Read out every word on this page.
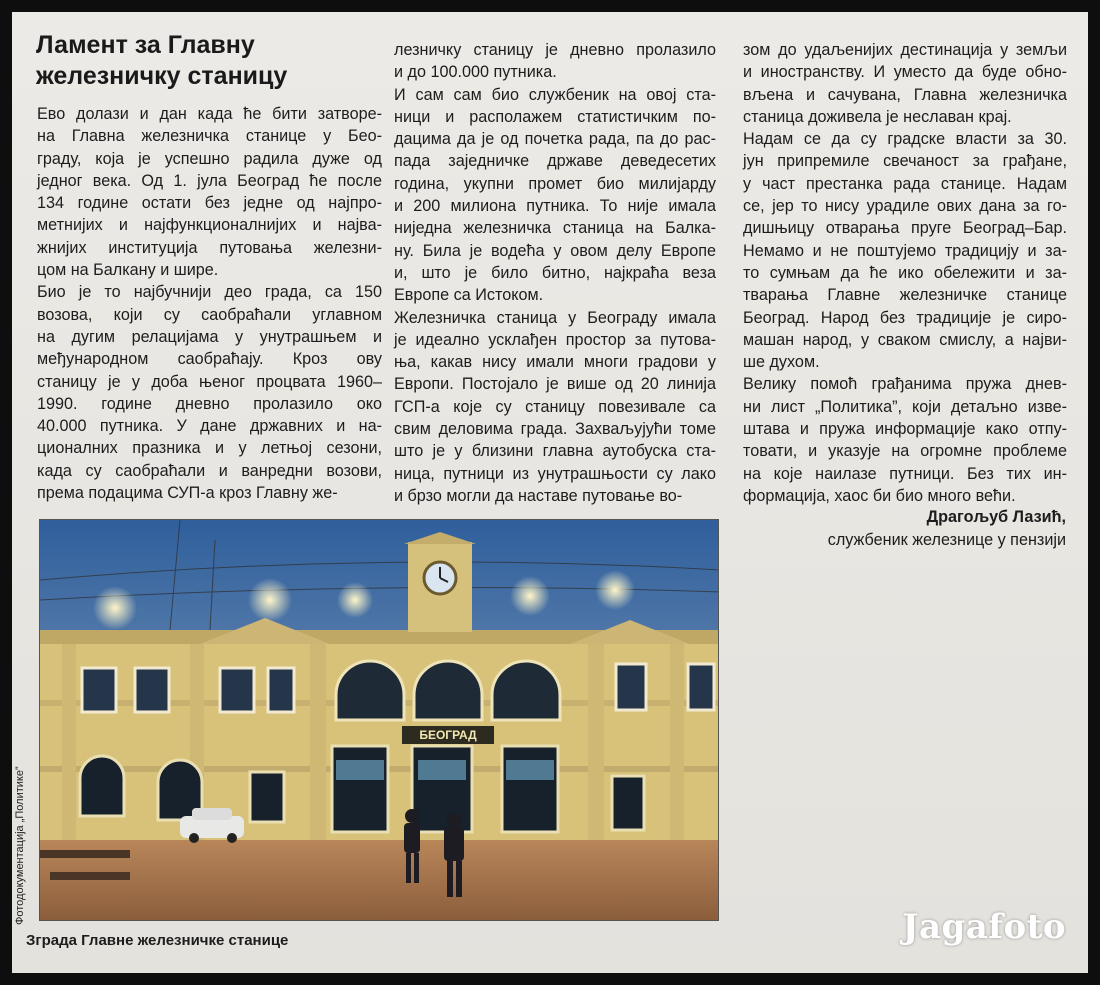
Ламент за Главну
железничку станицу
Ево долази и дан када ће бити затворе-
на Главна железничка станице у Бео-
граду, која је успешно радила дуже од
једног века. Од 1. јула Београд ће после
134 године остати без једне од најпро-
метнијих и најфункционалнијих и најва-
жнијих институција путовања железни-
цом на Балкану и шире.
Био је то најбучнији део града, са 150
возова, који су саобраћали углавном
на дугим релацијама у унутрашњем и
међународном саобраћају. Кроз ову
станицу је у доба њеног процвата 1960–
1990. године дневно пролазило око
40.000 путника. У дане државних и на-
ционалних празника и у летњој сезони,
када су саобраћали и ванредни возови,
према подацима СУП-а кроз Главну же-
лезничку станицу је дневно пролазило
и до 100.000 путника.
И сам сам био службеник на овој ста-
ници и располажем статистичким по-
дацима да је од почетка рада, па до рас-
пада заједничке државе деведесетих
година, укупни промет био милијарду
и 200 милиона путника. То није имала
ниједна железничка станица на Балка-
ну. Била је водећа у овом делу Европе
и, што је било битно, најкраћа веза
Европе са Истоком.
Железничка станица у Београду имала
је идеално усклађен простор за путова-
ња, какав нису имали многи градови у
Европи. Постојало је више од 20 линија
ГСП-а које су станицу повезивале са
свим деловима града. Захваљујући томе
што је у близини главна аутобуска ста-
ница, путници из унутрашњости су лако
и брзо могли да наставе путовање во-
зом до удаљенијих дестинација у земљи
и иностранству. И уместо да буде обно-
вљена и сачувана, Главна железничка
станица доживела је неславан крај.
Надам се да су градске власти за 30.
јун припремиле свечаност за грађане,
у част престанка рада станице. Надам
се, јер то нису урадиле ових дана за го-
дишњицу отварања пруге Београд–Бар.
Немамо и не поштујемо традицију и за-
то сумњам да ће ико обележити и за-
тварања Главне железничке станице
Београд. Народ без традиције је сиро-
машан народ, у сваком смислу, а најви-
ше духом.
Велику помоћ грађанима пружа днев-
ни лист „Политика”, који детаљно изве-
штава и пружа информације како отпу-
товати, и указује на огромне проблеме
на које наилазе путници. Без тих ин-
формација, хаос би био много већи.
Драгољуб Лазић,
службеник железнице у пензији
БЕОГРАД
Фотодокументација „Политике”
Зграда Главне железничке станице	Jagafoto
